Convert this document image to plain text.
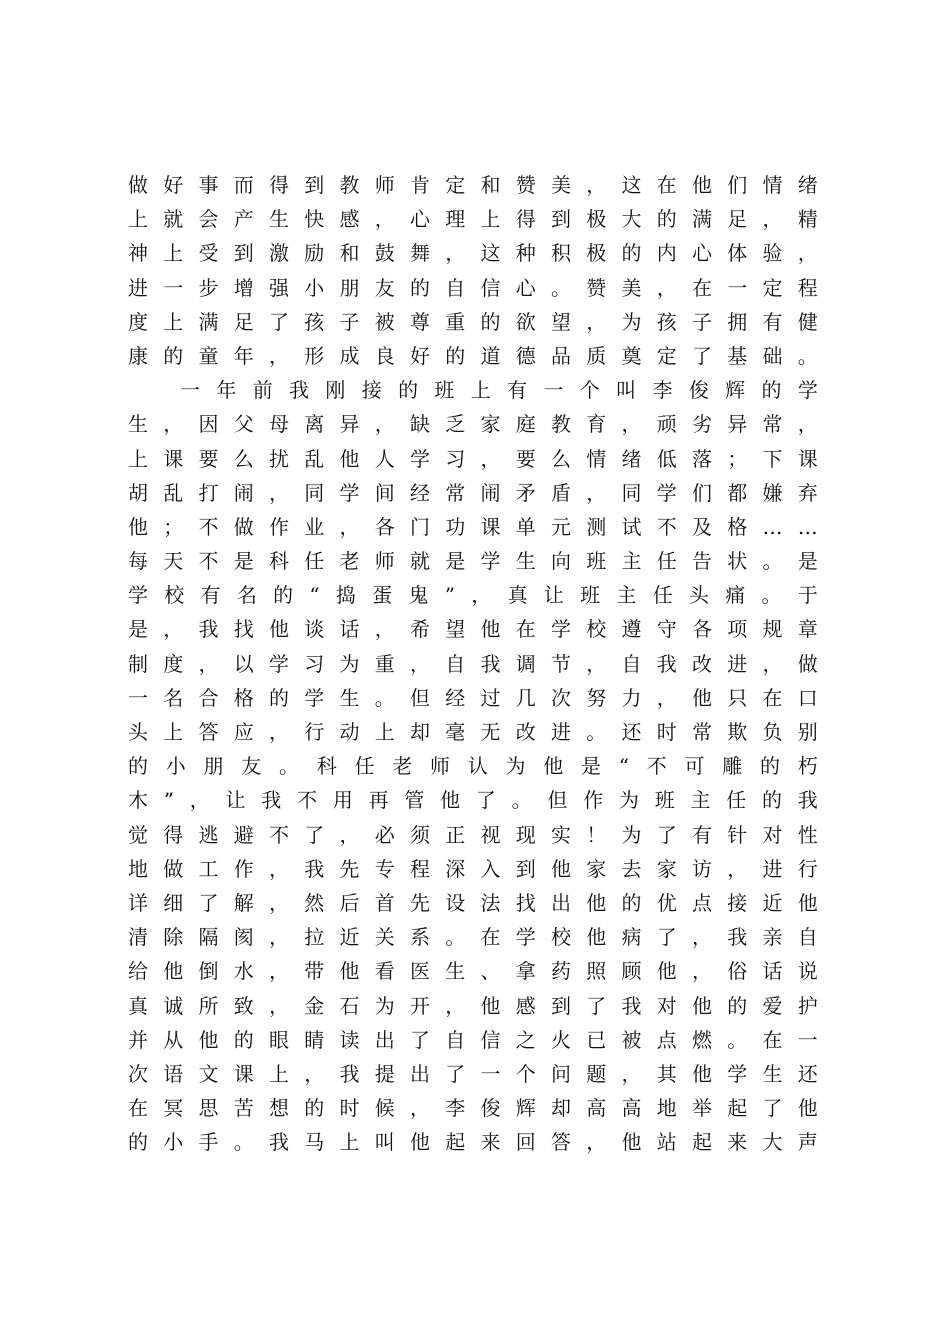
做 好 事 而 得 到 教 师 肯 定 和 赞 美 ， 这 在 他 们 情 绪
上 就 会 产 生 快 感 ， 心 理 上 得 到 极 大 的 满 足 ， 精
神 上 受 到 激 励 和 鼓 舞 ， 这 种 积 极 的 内 心 体 验 ，
进 一 步 增 强 小 朋 友 的 自 信 心 。 赞 美 ， 在 一 定 程
度 上 满 足 了 孩 子 被 尊 重 的 欲 望 ， 为 孩 子 拥 有 健
康 的 童 年 ， 形 成 良 好 的 道 德 品 质 奠 定 了 基 础 。
一 年 前 我 刚 接 的 班 上 有 一 个 叫 李 俊 辉 的 学
生 ， 因 父 母 离 异 ， 缺 乏 家 庭 教 育 ， 顽 劣 异 常 ，
上 课 要 么 扰 乱 他 人 学 习 ， 要 么 情 绪 低 落 ； 下 课
胡 乱 打 闹 ， 同 学 间 经 常 闹 矛 盾 ， 同 学 们 都 嫌 弃
他 ； 不 做 作 业 ， 各 门 功 课 单 元 测 试 不 及 格 … …
每 天 不 是 科 任 老 师 就 是 学 生 向 班 主 任 告 状 。 是
学 校 有 名 的 “ 捣 蛋 鬼 ” ， 真 让 班 主 任 头 痛 。 于
是 ， 我 找 他 谈 话 ， 希 望 他 在 学 校 遵 守 各 项 规 章
制 度 ， 以 学 习 为 重 ， 自 我 调 节 ， 自 我 改 进 ， 做
一 名 合 格 的 学 生 。 但 经 过 几 次 努 力 ， 他 只 在 口
头 上 答 应 ， 行 动 上 却 毫 无 改 进 。 还 时 常 欺 负 别
的 小 朋 友 。 科 任 老 师 认 为 他 是 “ 不 可 雕 的 朽
木 ” ， 让 我 不 用 再 管 他 了 。 但 作 为 班 主 任 的 我
觉 得 逃 避 不 了 ， 必 须 正 视 现 实 ！ 为 了 有 针 对 性
地 做 工 作 ， 我 先 专 程 深 入 到 他 家 去 家 访 ， 进 行
详 细 了 解 ， 然 后 首 先 设 法 找 出 他 的 优 点 接 近 他
清 除 隔 阂 ， 拉 近 关 系 。 在 学 校 他 病 了 ， 我 亲 自
给 他 倒 水 ， 带 他 看 医 生 、 拿 药 照 顾 他 ， 俗 话 说
真 诚 所 致 ， 金 石 为 开 ， 他 感 到 了 我 对 他 的 爱 护
并 从 他 的 眼 睛 读 出 了 自 信 之 火 已 被 点 燃 。 在 一
次 语 文 课 上 ， 我 提 出 了 一 个 问 题 ， 其 他 学 生 还
在 冥 思 苦 想 的 时 候 ， 李 俊 辉 却 高 高 地 举 起 了 他
的 小 手 。 我 马 上 叫 他 起 来 回 答 ， 他 站 起 来 大 声
